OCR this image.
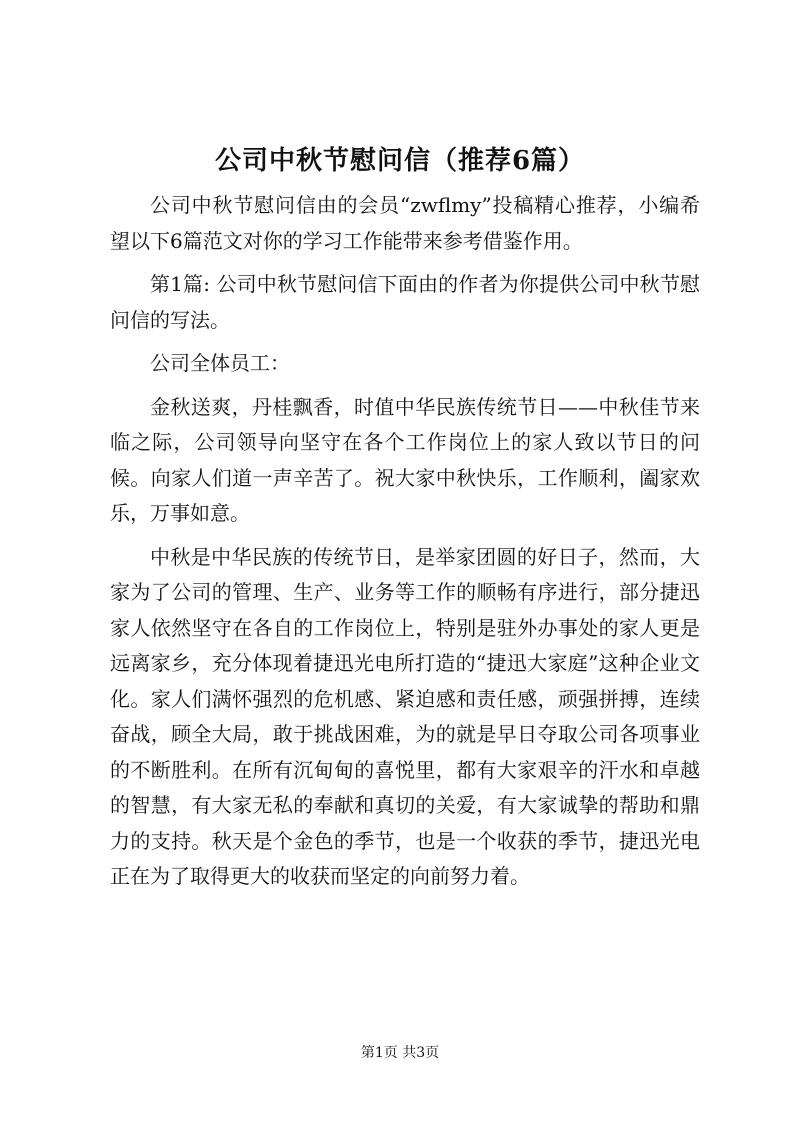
公司中秋节慰问信（推荐6篇）

公司中秋节慰问信由的会员“zwflmy”投稿精心推荐，小编希望以下6篇范文对你的学习工作能带来参考借鉴作用。

第1篇: 公司中秋节慰问信下面由的作者为你提供公司中秋节慰问信的写法。

公司全体员工：

金秋送爽，丹桂飘香，时值中华民族传统节日——中秋佳节来临之际，公司领导向坚守在各个工作岗位上的家人致以节日的问候。向家人们道一声辛苦了。祝大家中秋快乐，工作顺利，阖家欢乐，万事如意。

中秋是中华民族的传统节日，是举家团圆的好日子，然而，大家为了公司的管理、生产、业务等工作的顺畅有序进行，部分捷迅家人依然坚守在各自的工作岗位上，特别是驻外办事处的家人更是远离家乡，充分体现着捷迅光电所打造的“捷迅大家庭”这种企业文化。家人们满怀强烈的危机感、紧迫感和责任感，顽强拼搏，连续奋战，顾全大局，敢于挑战困难，为的就是早日夺取公司各项事业的不断胜利。在所有沉甸甸的喜悦里，都有大家艰辛的汗水和卓越的智慧，有大家无私的奉献和真切的关爱，有大家诚挚的帮助和鼎力的支持。秋天是个金色的季节，也是一个收获的季节，捷迅光电正在为了取得更大的收获而坚定的向前努力着。

第1页 共3页
